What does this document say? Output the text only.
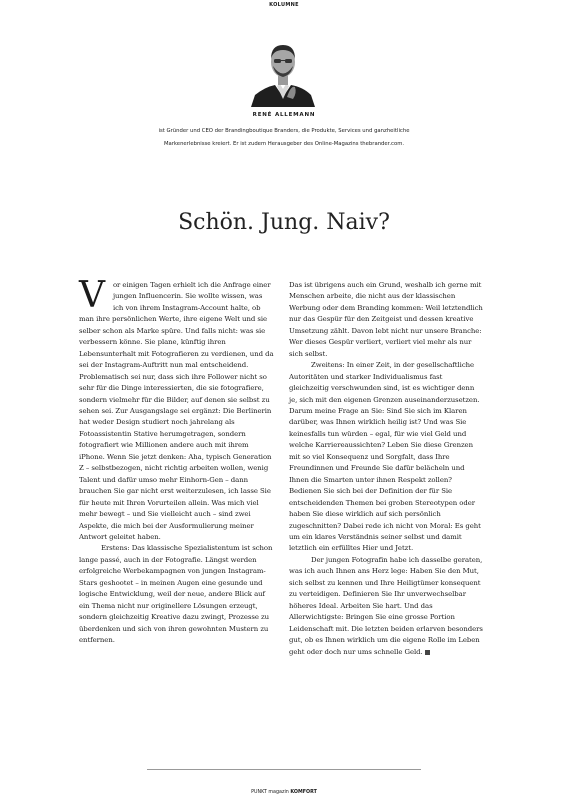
KOLUMNE
RENÉ ALLEMANN
ist Gründer und CEO der Brandingboutique Branders, die Produkte, Services und ganzheitliche
Markenerlebnisse kreiert. Er ist zudem Herausgeber des Online-Magazins thebrander.com.
Schön. Jung. Naiv?

V or einigen Tagen erhielt ich die Anfrage einer jungen Influencerin. Sie wollte wissen, was ich von ihrem Instagram-Account halte, ob man ihre persönlichen Werte, ihre eigene Welt und sie selber schon als Marke spüre. Und falls nicht: was sie verbessern könne. Sie plane, künftig ihren Lebensunterhalt mit Fotografieren zu verdienen, und da sei der Instagram-Auftritt nun mal entscheidend. Problematisch sei nur, dass sich ihre Follower nicht so sehr für die Dinge interessierten, die sie fotografiere, sondern vielmehr für die Bilder, auf denen sie selbst zu sehen sei. Zur Ausgangslage sei ergänzt: Die Berlinerin hat weder Design studiert noch jahrelang als Fotoassistentin Stative herumgetragen, sondern fotografiert wie Millionen andere auch mit ihrem iPhone. Wenn Sie jetzt denken: Aha, typisch Generation Z – selbstbezogen, nicht richtig arbeiten wollen, wenig Talent und dafür umso mehr Einhorn-Gen – dann brauchen Sie gar nicht erst weiterzulesen, ich lasse Sie für heute mit Ihren Vorurteilen allein. Was mich viel mehr bewegt – und Sie vielleicht auch – sind zwei Aspekte, die mich bei der Ausformulierung meiner Antwort geleitet haben.

Erstens: Das klassische Spezialistentum ist schon lange passé, auch in der Fotografie. Längst werden erfolgreiche Werbekampagnen von jungen Instagram-Stars geshootet – in meinen Augen eine gesunde und logische Entwicklung, weil der neue, andere Blick auf ein Thema nicht nur originellere Lösungen erzeugt, sondern gleichzeitig Kreative dazu zwingt, Prozesse zu überdenken und sich von ihren gewohnten Mustern zu entfernen.

Das ist übrigens auch ein Grund, weshalb ich gerne mit Menschen arbeite, die nicht aus der klassischen Werbung oder dem Branding kommen: Weil letztendlich nur das Gespür für den Zeitgeist und dessen kreative Umsetzung zählt. Davon lebt nicht nur unsere Branche: Wer dieses Gespür verliert, verliert viel mehr als nur sich selbst.

Zweitens: In einer Zeit, in der gesellschaftliche Autoritäten und starker Individualismus fast gleichzeitig verschwunden sind, ist es wichtiger denn je, sich mit den eigenen Grenzen auseinanderzusetzen. Darum meine Frage an Sie: Sind Sie sich im Klaren darüber, was Ihnen wirklich heilig ist? Und was Sie keinesfalls tun würden – egal, für wie viel Geld und welche Karriereaussichten? Leben Sie diese Grenzen mit so viel Konsequenz und Sorgfalt, dass Ihre Freundinnen und Freunde Sie dafür belächeln und Ihnen die Smarten unter ihnen Respekt zollen? Bedienen Sie sich bei der Definition der für Sie entscheidenden Themen bei groben Stereotypen oder haben Sie diese wirklich auf sich persönlich zugeschnitten? Dabei rede ich nicht von Moral: Es geht um ein klares Verständnis seiner selbst und damit letztlich ein erfülltes Hier und Jetzt.

Der jungen Fotografin habe ich dasselbe geraten, was ich auch Ihnen ans Herz lege: Haben Sie den Mut, sich selbst zu kennen und Ihre Heiligtümer konsequent zu verteidigen. Definieren Sie Ihr unverwechselbar höheres Ideal. Arbeiten Sie hart. Und das Allerwichtigste: Bringen Sie eine grosse Portion Leidenschaft mit. Die letzten beiden erlarven besonders gut, ob es Ihnen wirklich um die eigene Rolle im Leben geht oder doch nur ums schnelle Geld.

PUNKT magazin KOMFORT
